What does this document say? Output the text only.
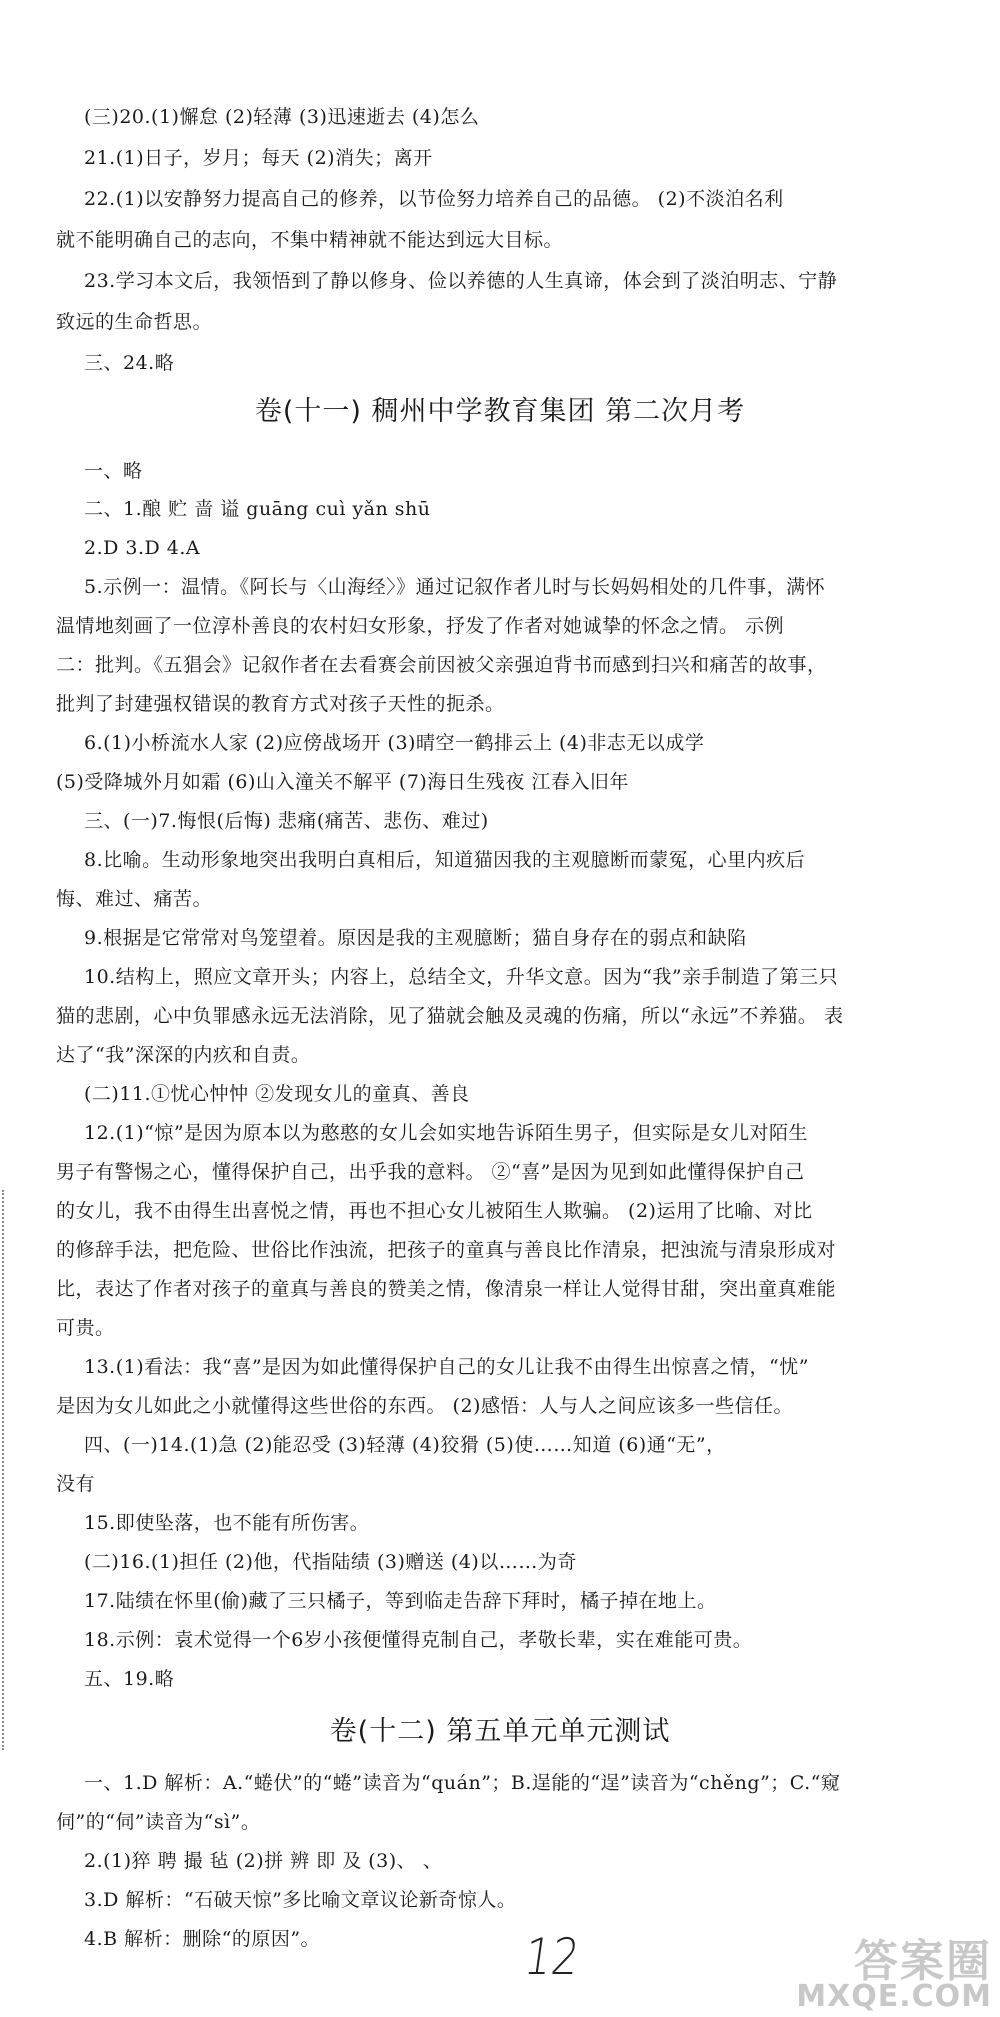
(三)20.(1)懈怠 (2)轻薄 (3)迅速逝去 (4)怎么
21.(1)日子，岁月；每天 (2)消失；离开
22.(1)以安静努力提高自己的修养，以节俭努力培养自己的品德。 (2)不淡泊名利
就不能明确自己的志向，不集中精神就不能达到远大目标。
23.学习本文后，我领悟到了静以修身、俭以养德的人生真谛，体会到了淡泊明志、宁静
致远的生命哲思。
三、24.略
卷(十一) 稠州中学教育集团 第二次月考
一、略
二、1.酿 贮 啬 谥 guāng cuì yǎn shū
2.D 3.D 4.A
5.示例一：温情。《阿长与〈山海经〉》通过记叙作者儿时与长妈妈相处的几件事，满怀
温情地刻画了一位淳朴善良的农村妇女形象，抒发了作者对她诚挚的怀念之情。 示例
二：批判。《五猖会》记叙作者在去看赛会前因被父亲强迫背书而感到扫兴和痛苦的故事，
批判了封建强权错误的教育方式对孩子天性的扼杀。
6.(1)小桥流水人家 (2)应傍战场开 (3)晴空一鹤排云上 (4)非志无以成学
(5)受降城外月如霜 (6)山入潼关不解平 (7)海日生残夜 江春入旧年
三、(一)7.悔恨(后悔) 悲痛(痛苦、悲伤、难过)
8.比喻。生动形象地突出我明白真相后，知道猫因我的主观臆断而蒙冤，心里内疚后
悔、难过、痛苦。
9.根据是它常常对鸟笼望着。原因是我的主观臆断；猫自身存在的弱点和缺陷
10.结构上，照应文章开头；内容上，总结全文，升华文意。因为“我”亲手制造了第三只
猫的悲剧，心中负罪感永远无法消除，见了猫就会触及灵魂的伤痛，所以“永远”不养猫。 表
达了“我”深深的内疚和自责。
(二)11.①忧心忡忡 ②发现女儿的童真、善良
12.(1)“惊”是因为原本以为憨憨的女儿会如实地告诉陌生男子，但实际是女儿对陌生
男子有警惕之心，懂得保护自己，出乎我的意料。 ②“喜”是因为见到如此懂得保护自己
的女儿，我不由得生出喜悦之情，再也不担心女儿被陌生人欺骗。 (2)运用了比喻、对比
的修辞手法，把危险、世俗比作浊流，把孩子的童真与善良比作清泉，把浊流与清泉形成对
比，表达了作者对孩子的童真与善良的赞美之情，像清泉一样让人觉得甘甜，突出童真难能
可贵。
13.(1)看法：我“喜”是因为如此懂得保护自己的女儿让我不由得生出惊喜之情，“忧”
是因为女儿如此之小就懂得这些世俗的东西。 (2)感悟：人与人之间应该多一些信任。
四、(一)14.(1)急 (2)能忍受 (3)轻薄 (4)狡猾 (5)使……知道 (6)通“无”，
没有
15.即使坠落，也不能有所伤害。
(二)16.(1)担任 (2)他，代指陆绩 (3)赠送 (4)以……为奇
17.陆绩在怀里(偷)藏了三只橘子，等到临走告辞下拜时，橘子掉在地上。
18.示例：袁术觉得一个6岁小孩便懂得克制自己，孝敬长辈，实在难能可贵。
五、19.略
卷(十二) 第五单元单元测试
一、1.D 解析：A.“蜷伏”的“蜷”读音为“quán”；B.逞能的“逞”读音为“chěng”；C.“窥
伺”的“伺”读音为“sì”。
2.(1)猝 聘 撮 毡 (2)拼 辨 即 及 (3)、 、
3.D 解析：“石破天惊”多比喻文章议论新奇惊人。
4.B 解析：删除“的原因”。	12	答案圈
MXQE.COM
